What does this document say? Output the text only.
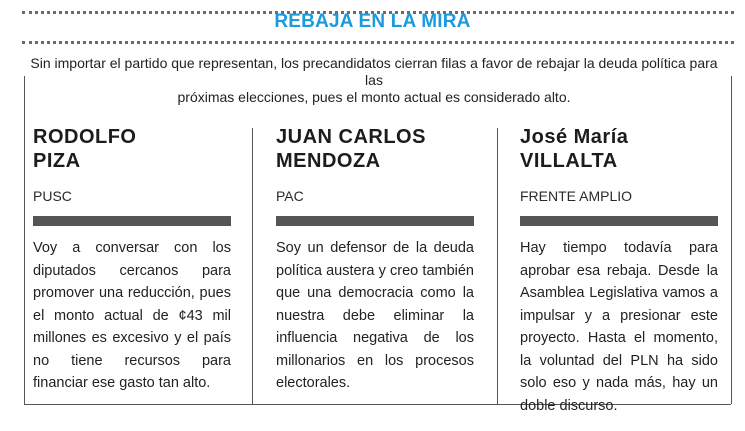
REBAJA EN LA MIRA
Sin importar el partido que representan, los precandidatos cierran filas a favor de rebajar la deuda política para las
próximas elecciones, pues el monto actual es considerado alto.
RODOLFO
PIZA
PUSC
Voy a conversar con los diputados cercanos para promover una reducción, pues el monto actual de ¢43 mil millones es excesivo y el país no tiene recursos para financiar ese gasto tan alto.
JUAN CARLOS
MENDOZA
PAC
Soy un defensor de la deuda política austera y creo también que una democracia como la nuestra debe eliminar la influencia negativa de los millonarios en los procesos electorales.
José María
VILLALTA
FRENTE AMPLIO
Hay tiempo todavía para aprobar esa rebaja. Desde la Asamblea Legislativa vamos a impulsar y a presionar este proyecto. Hasta el momento, la voluntad del PLN ha sido solo eso y nada más, hay un doble discurso.
